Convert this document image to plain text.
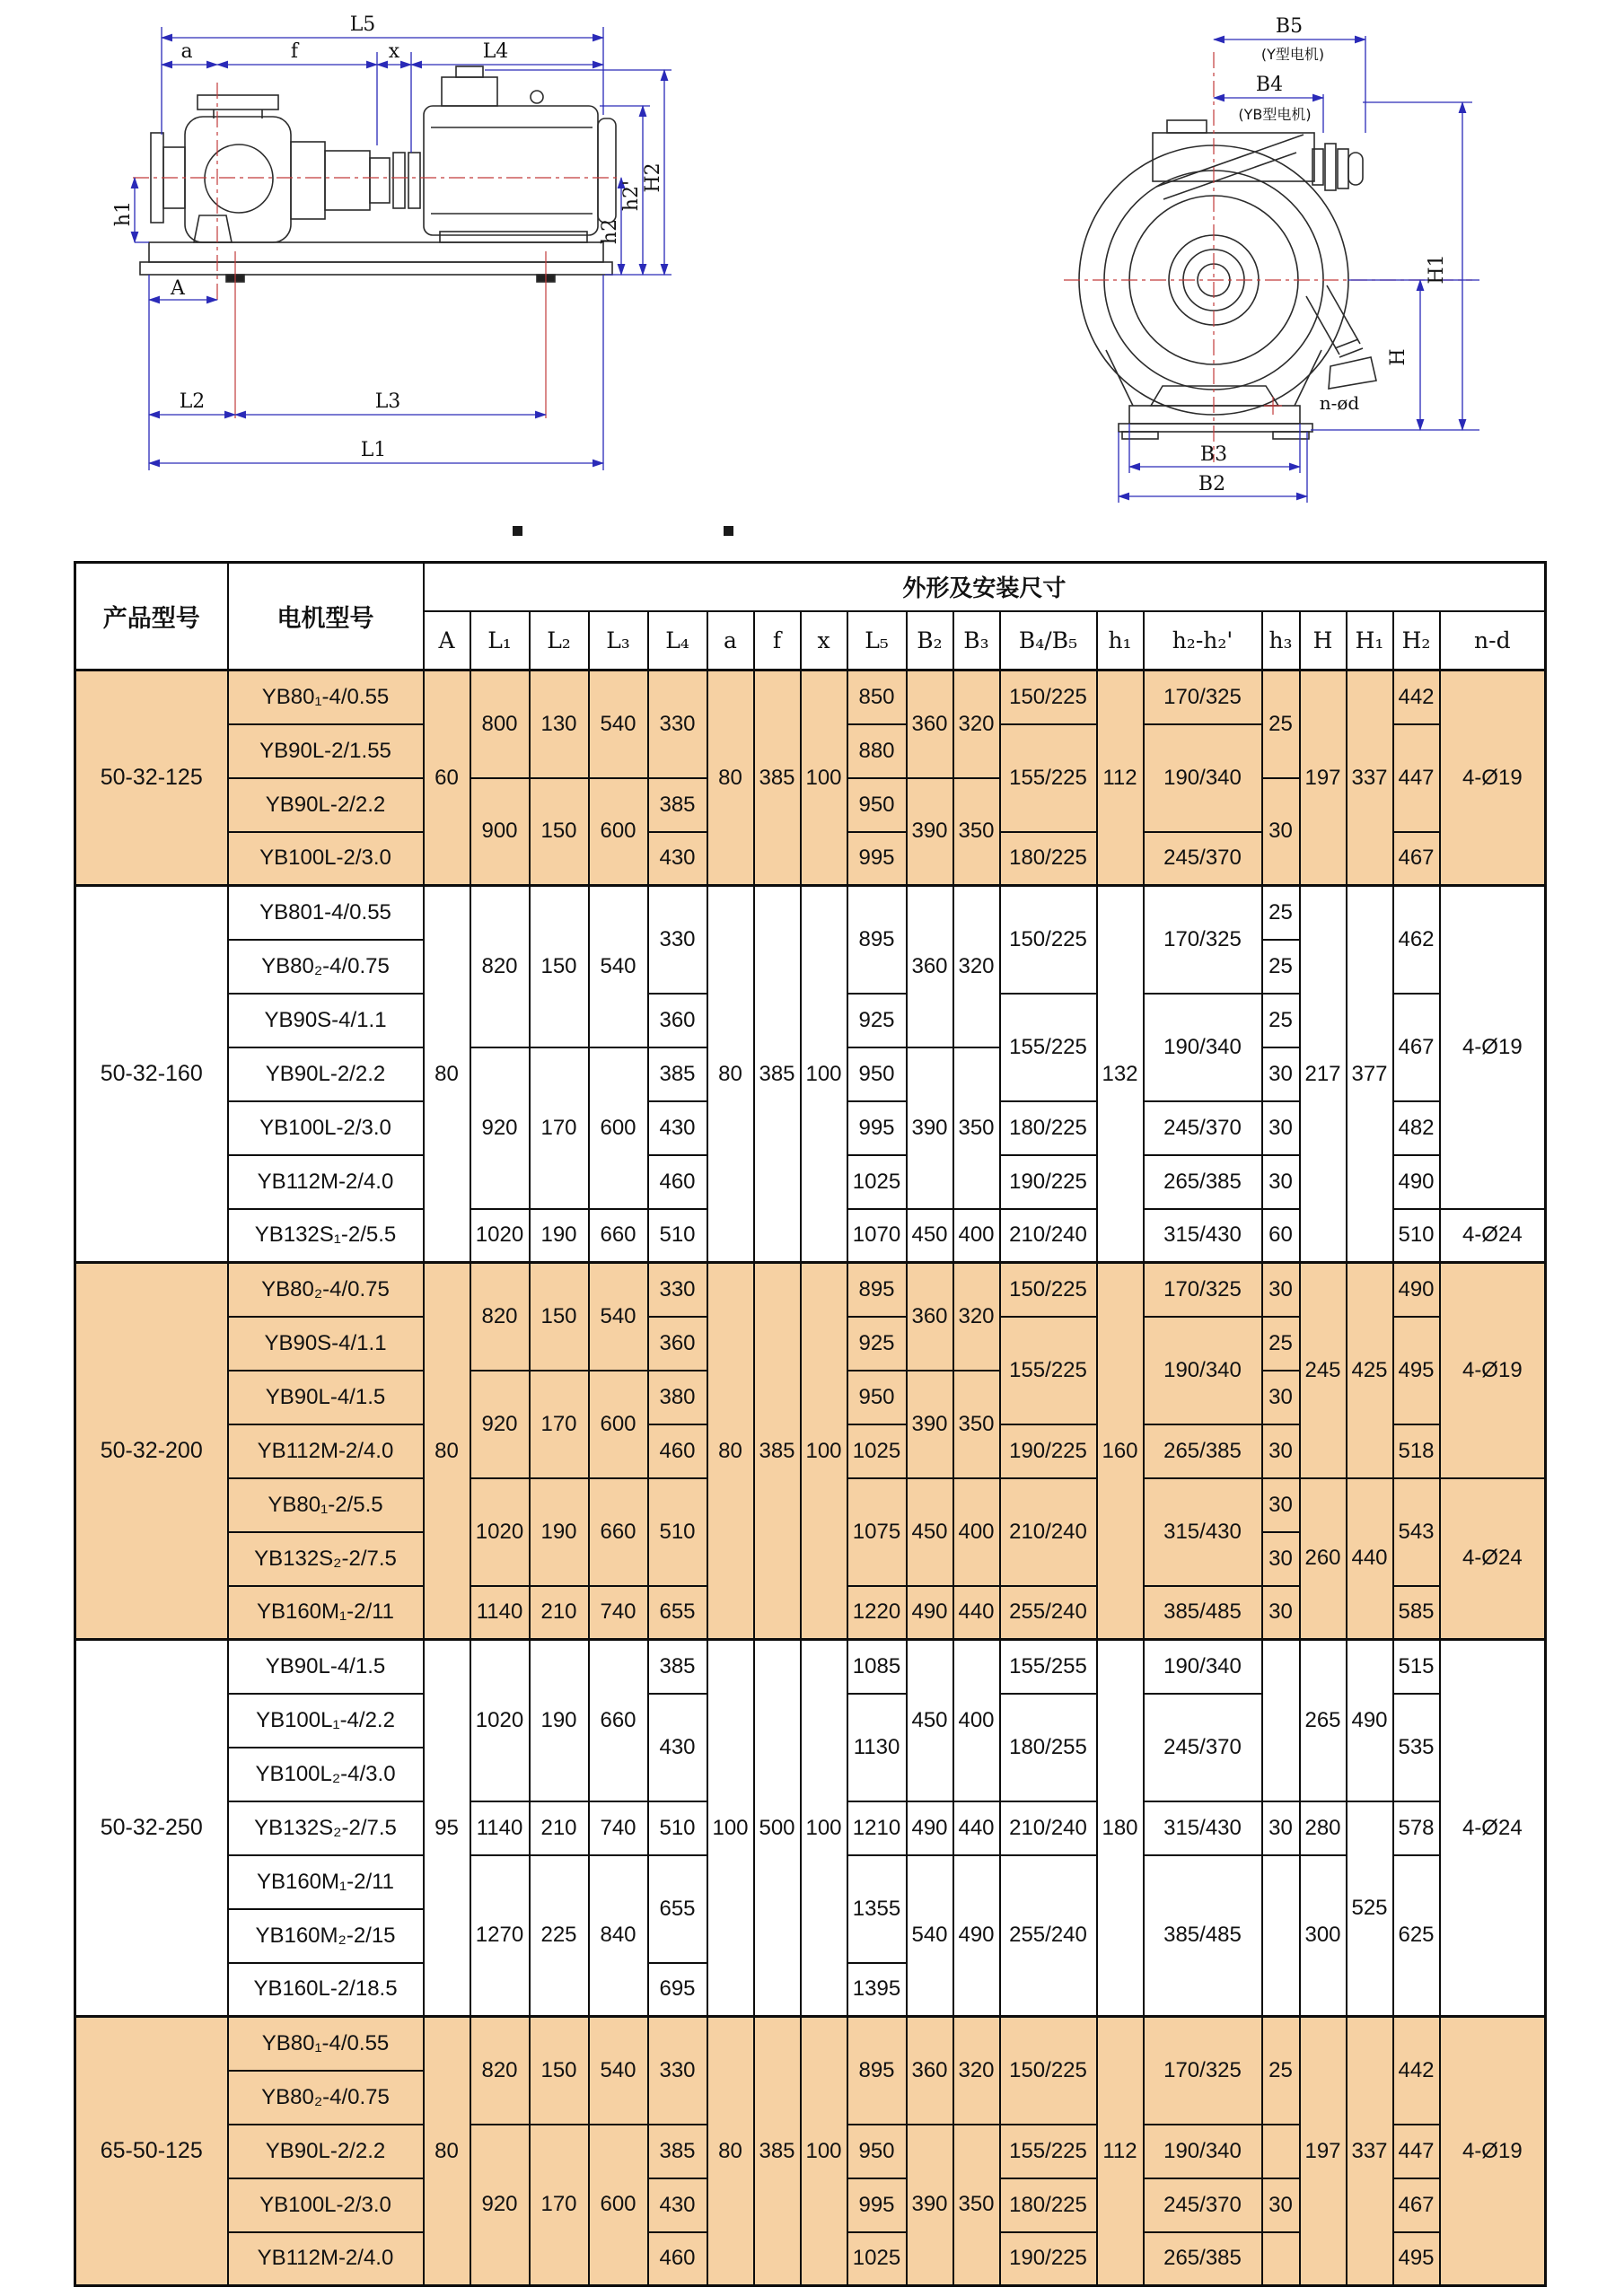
L5
a	f	x	L4
h2
h2'
H2
h1
A
L2	L3
L1
B5
(Y型电机)
B4
(YB型电机)
H1
H
n-ød
B3
B2
产品型号	电机型号	外形及安装尺寸																		
		A	L₁	L₂	L₃	L₄	a	f	x	L₅	B₂	B₃	B₄/B₅	h₁	h₂-h₂'	h₃	H	H₁	H₂	n-d
50-32-125	YB80₁-4/0.55	60	800	130	540	330	80	385	100	850	360	320	150/225	112	170/325	25	197	337	442	4-Ø19
	YB90L-2/1.55									880			155/225		190/340				447	
	YB90L-2/2.2		900	150	600	385				950	390	350				30				
	YB100L-2/3.0					430				995			180/225		245/370				467	
50-32-160	YB801-4/0.55	80	820	150	540	330	80	385	100	895	360	320	150/225	132	170/325	25	217	377	462	4-Ø19
	YB80₂-4/0.75															25				
	YB90S-4/1.1					360				925			155/225		190/340	25			467	
	YB90L-2/2.2		920	170	600	385				950	390	350				30				
	YB100L-2/3.0					430				995			180/225		245/370	30			482	
	YB112M-2/4.0					460				1025			190/225		265/385	30			490	
	YB132S₁-2/5.5		1020	190	660	510				1070	450	400	210/240		315/430	60			510	4-Ø24
50-32-200	YB80₂-4/0.75	80	820	150	540	330	80	385	100	895	360	320	150/225	160	170/325	30	245	425	490	4-Ø19
	YB90S-4/1.1					360				925			155/225		190/340	25			495	
	YB90L-4/1.5		920	170	600	380				950	390	350				30				
	YB112M-2/4.0					460				1025			190/225		265/385	30			518	
	YB80₁-2/5.5		1020	190	660	510				1075	450	400	210/240		315/430	30	260	440	543	4-Ø24
	YB132S₂-2/7.5															30				
	YB160M₁-2/11		1140	210	740	655				1220	490	440	255/240		385/485	30			585	
50-32-250	YB90L-4/1.5	95	1020	190	660	385	100	500	100	1085	450	400	155/255	180	190/340		265	490	515	4-Ø24
	YB100L₁-4/2.2					430				1130			180/255		245/370				535	
	YB100L₂-4/3.0																			
	YB132S₂-2/7.5		1140	210	740	510				1210	490	440	210/240		315/430	30	280	525	578	
	YB160M₁-2/11		1270	225	840	655				1355	540	490	255/240		385/485		300		625	
	YB160M₂-2/15																			
	YB160L-2/18.5					695				1395										
65-50-125	YB80₁-4/0.55	80	820	150	540	330	80	385	100	895	360	320	150/225	112	170/325	25	197	337	442	4-Ø19
	YB80₂-4/0.75																			
	YB90L-2/2.2		920	170	600	385				950	390	350	155/225		190/340				447	
	YB100L-2/3.0					430				995			180/225		245/370	30			467	
	YB112M-2/4.0					460				1025			190/225		265/385				495	
